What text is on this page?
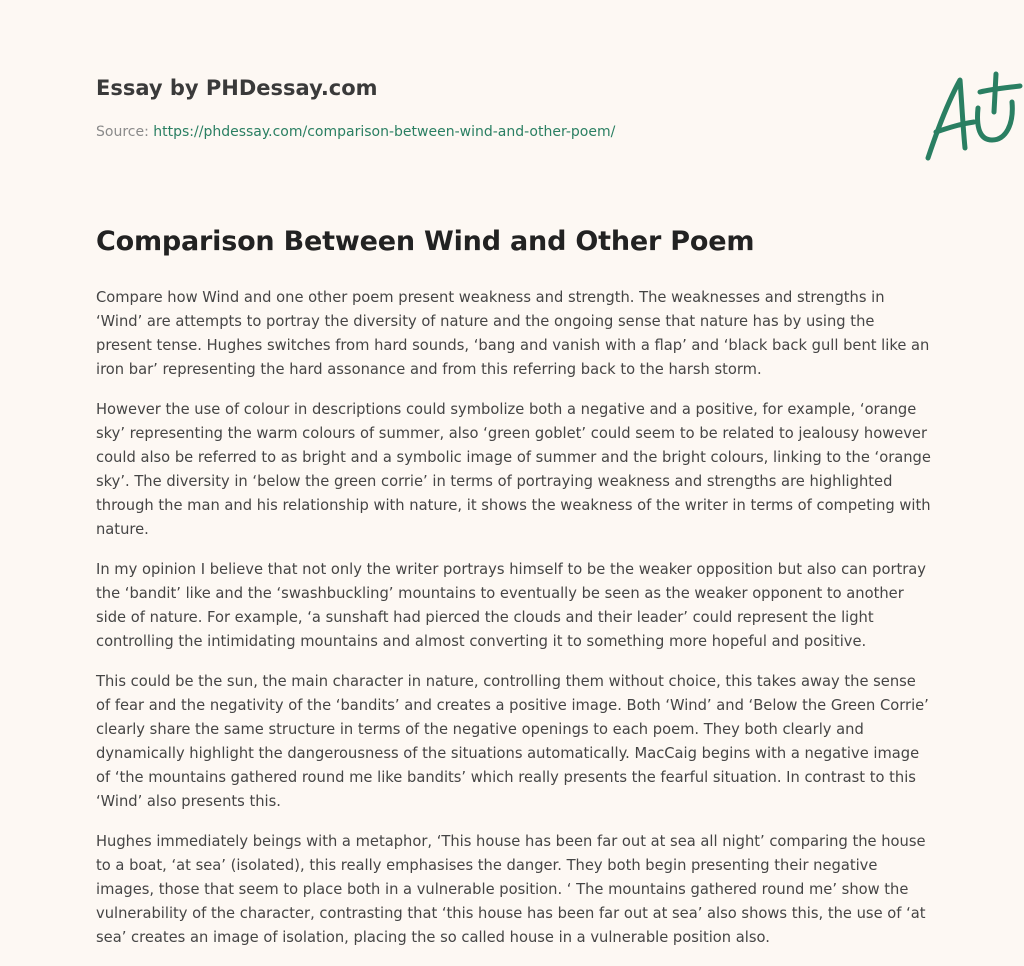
Essay by PHDessay.com
Source: https://phdessay.com/comparison-between-wind-and-other-poem/
Comparison Between Wind and Other Poem

Compare how Wind and one other poem present weakness and strength. The weaknesses and strengths in ‘Wind’ are attempts to portray the diversity of nature and the ongoing sense that nature has by using the present tense. Hughes switches from hard sounds, ‘bang and vanish with a flap’ and ‘black back gull bent like an iron bar’ representing the hard assonance and from this referring back to the harsh storm.

However the use of colour in descriptions could symbolize both a negative and a positive, for example, ‘orange sky’ representing the warm colours of summer, also ‘green goblet’ could seem to be related to jealousy however could also be referred to as bright and a symbolic image of summer and the bright colours, linking to the ‘orange sky’. The diversity in ‘below the green corrie’ in terms of portraying weakness and strengths are highlighted through the man and his relationship with nature, it shows the weakness of the writer in terms of competing with nature.

In my opinion I believe that not only the writer portrays himself to be the weaker opposition but also can portray the ‘bandit’ like and the ‘swashbuckling’ mountains to eventually be seen as the weaker opponent to another side of nature. For example, ‘a sunshaft had pierced the clouds and their leader’ could represent the light controlling the intimidating mountains and almost converting it to something more hopeful and positive.

This could be the sun, the main character in nature, controlling them without choice, this takes away the sense of fear and the negativity of the ‘bandits’ and creates a positive image. Both ‘Wind’ and ‘Below the Green Corrie’ clearly share the same structure in terms of the negative openings to each poem. They both clearly and dynamically highlight the dangerousness of the situations automatically. MacCaig begins with a negative image of ‘the mountains gathered round me like bandits’ which really presents the fearful situation. In contrast to this ‘Wind’ also presents this.

Hughes immediately beings with a metaphor, ‘This house has been far out at sea all night’ comparing the house to a boat, ‘at sea’ (isolated), this really emphasises the danger. They both begin presenting their negative images, those that seem to place both in a vulnerable position. ‘ The mountains gathered round me’ show the vulnerability of the character, contrasting that ‘this house has been far out at sea’ also shows this, the use of ‘at sea’ creates an image of isolation, placing the so called house in a vulnerable position also.
